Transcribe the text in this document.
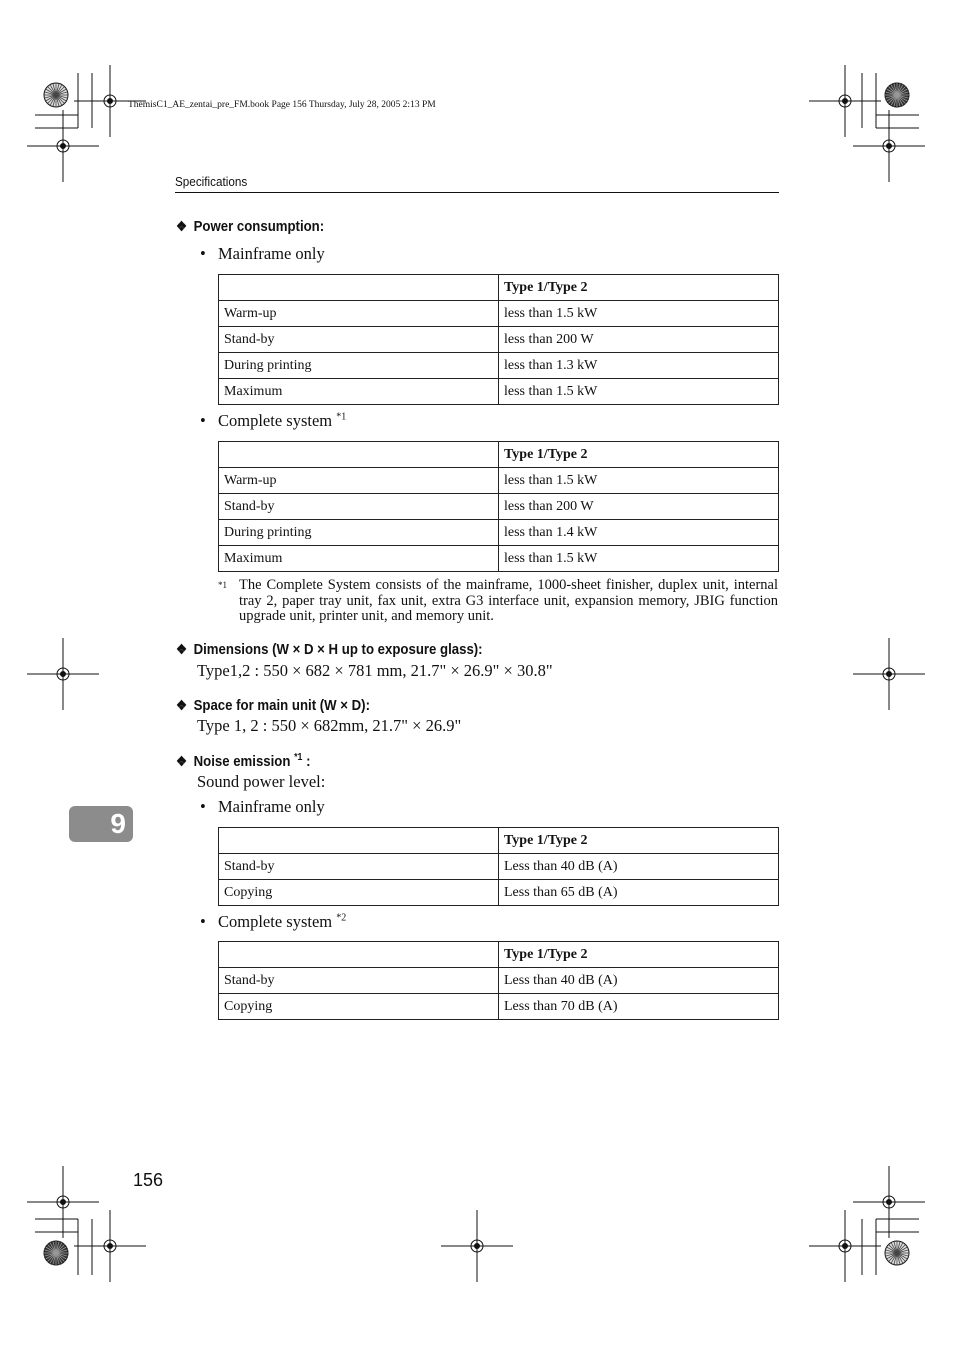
ThemisC1_AE_zentai_pre_FM.book Page 156 Thursday, July 28, 2005 2:13 PM
Specifications
❖ Power consumption:
• Mainframe only
	Type 1/Type 2
Warm-up	less than 1.5 kW
Stand-by	less than 200 W
During printing	less than 1.3 kW
Maximum	less than 1.5 kW
• Complete system $^{*1}$
	Type 1/Type 2
Warm-up	less than 1.5 kW
Stand-by	less than 200 W
During printing	less than 1.4 kW
Maximum	less than 1.5 kW
*1 The Complete System consists of the mainframe, 1000-sheet finisher, duplex unit, internal tray 2, paper tray unit, fax unit, extra G3 interface unit, expansion memory, JBIG function upgrade unit, printer unit, and memory unit.
❖ Dimensions (W × D × H up to exposure glass):
Type1,2 : 550 × 682 × 781 mm, 21.7" × 26.9" × 30.8"
❖ Space for main unit (W × D):
Type 1, 2 : 550 × 682mm, 21.7" × 26.9"
❖ Noise emission $^{*1}$ :
Sound power level:
• Mainframe only
	Type 1/Type 2
Stand-by	Less than 40 dB (A)
Copying	Less than 65 dB (A)
• Complete system $^{*2}$
	Type 1/Type 2
Stand-by	Less than 40 dB (A)
Copying	Less than 70 dB (A)
9
156
